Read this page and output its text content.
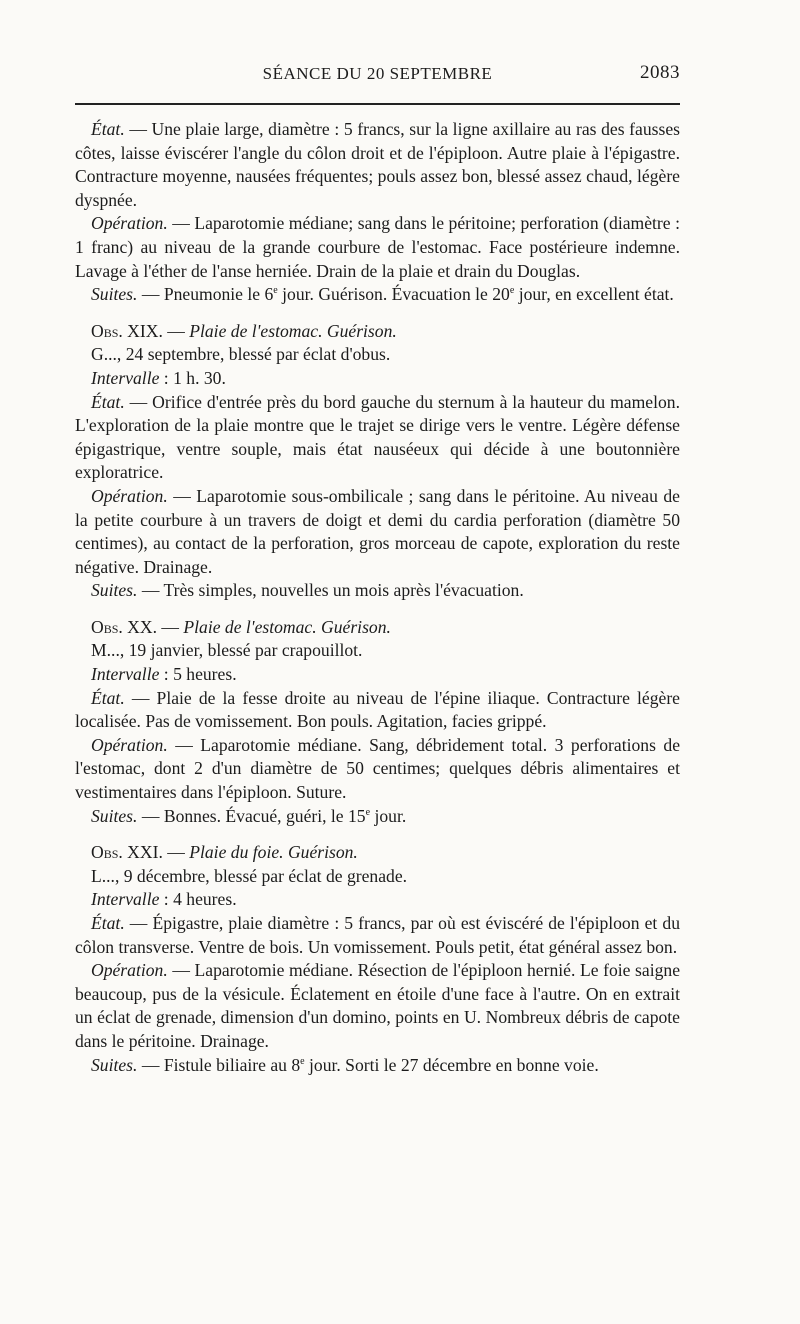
SÉANCE DU 20 SEPTEMBRE	2083

État. — Une plaie large, diamètre : 5 francs, sur la ligne axillaire au ras des fausses côtes, laisse éviscérer l'angle du côlon droit et de l'épiploon. Autre plaie à l'épigastre. Contracture moyenne, nausées fréquentes; pouls assez bon, blessé assez chaud, légère dyspnée.

Opération. — Laparotomie médiane; sang dans le péritoine; perforation (diamètre : 1 franc) au niveau de la grande courbure de l'estomac. Face postérieure indemne. Lavage à l'éther de l'anse herniée. Drain de la plaie et drain du Douglas.

Suites. — Pneumonie le 6e jour. Guérison. Évacuation le 20e jour, en excellent état.

Obs. XIX. — Plaie de l'estomac. Guérison.

G..., 24 septembre, blessé par éclat d'obus.

Intervalle : 1 h. 30.

État. — Orifice d'entrée près du bord gauche du sternum à la hauteur du mamelon. L'exploration de la plaie montre que le trajet se dirige vers le ventre. Légère défense épigastrique, ventre souple, mais état nauséeux qui décide à une boutonnière exploratrice.

Opération. — Laparotomie sous-ombilicale ; sang dans le péritoine. Au niveau de la petite courbure à un travers de doigt et demi du cardia perforation (diamètre 50 centimes), au contact de la perforation, gros morceau de capote, exploration du reste négative. Drainage.

Suites. — Très simples, nouvelles un mois après l'évacuation.

Obs. XX. — Plaie de l'estomac. Guérison.

M..., 19 janvier, blessé par crapouillot.

Intervalle : 5 heures.

État. — Plaie de la fesse droite au niveau de l'épine iliaque. Contracture légère localisée. Pas de vomissement. Bon pouls. Agitation, facies grippé.

Opération. — Laparotomie médiane. Sang, débridement total. 3 perforations de l'estomac, dont 2 d'un diamètre de 50 centimes; quelques débris alimentaires et vestimentaires dans l'épiploon. Suture.

Suites. — Bonnes. Évacué, guéri, le 15e jour.

Obs. XXI. — Plaie du foie. Guérison.

L..., 9 décembre, blessé par éclat de grenade.

Intervalle : 4 heures.

État. — Épigastre, plaie diamètre : 5 francs, par où est éviscéré de l'épiploon et du côlon transverse. Ventre de bois. Un vomissement. Pouls petit, état général assez bon.

Opération. — Laparotomie médiane. Résection de l'épiploon hernié. Le foie saigne beaucoup, pus de la vésicule. Éclatement en étoile d'une face à l'autre. On en extrait un éclat de grenade, dimension d'un domino, points en U. Nombreux débris de capote dans le péritoine. Drainage.

Suites. — Fistule biliaire au 8e jour. Sorti le 27 décembre en bonne voie.
